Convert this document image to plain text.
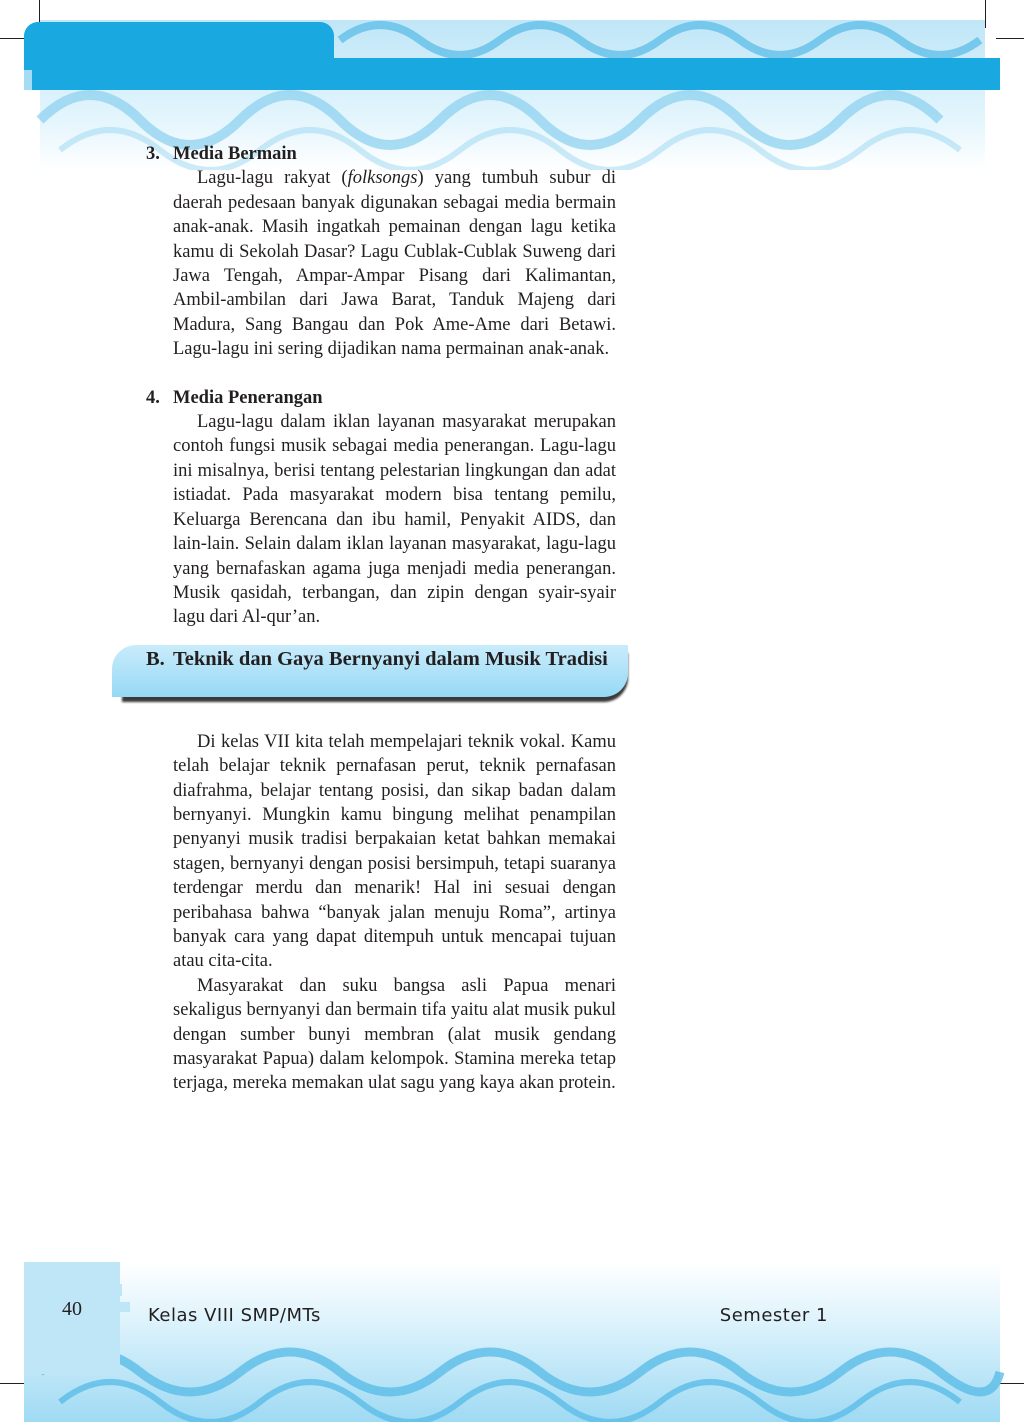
3. Media Bermain

Lagu-lagu rakyat (folksongs) yang tumbuh subur di daerah pedesaan banyak digunakan sebagai media bermain anak-anak. Masih ingatkah pemainan dengan lagu ketika kamu di Sekolah Dasar? Lagu Cublak-Cublak Suweng dari Jawa Tengah, Ampar-Ampar Pisang dari Kalimantan, Ambil-ambilan dari Jawa Barat, Tanduk Majeng dari Madura, Sang Bangau dan Pok Ame-Ame dari Betawi. Lagu-lagu ini sering dijadikan nama permainan anak-anak.

4. Media Penerangan

Lagu-lagu dalam iklan layanan masyarakat merupakan contoh fungsi musik sebagai media penerangan. Lagu-lagu ini misalnya, berisi tentang pelestarian lingkungan dan adat istiadat. Pada masyarakat modern bisa tentang pemilu, Keluarga Berencana dan ibu hamil, Penyakit AIDS, dan lain-lain. Selain dalam iklan layanan masyarakat, lagu-lagu yang bernafaskan agama juga menjadi media penerangan. Musik qasidah, terbangan, dan zipin dengan syair-syair lagu dari Al-qur’an.

B. Teknik dan Gaya Bernyanyi dalam Musik Tradisi

Di kelas VII kita telah mempelajari teknik vokal. Kamu telah belajar teknik pernafasan perut, teknik pernafasan diafrahma, belajar tentang posisi, dan sikap badan dalam bernyanyi. Mungkin kamu bingung melihat penampilan penyanyi musik tradisi berpakaian ketat bahkan memakai stagen, bernyanyi dengan posisi bersimpuh, tetapi suaranya terdengar merdu dan menarik! Hal ini sesuai dengan peribahasa bahwa “banyak jalan menuju Roma”, artinya banyak cara yang dapat ditempuh untuk mencapai tujuan atau cita-cita.

Masyarakat dan suku bangsa asli Papua menari sekaligus bernyanyi dan bermain tifa yaitu alat musik pukul dengan sumber bunyi membran (alat musik gendang masyarakat Papua) dalam kelompok. Stamina mereka tetap terjaga, mereka memakan ulat sagu yang kaya akan protein.

40	Kelas VIII SMP/MTs	Semester 1
